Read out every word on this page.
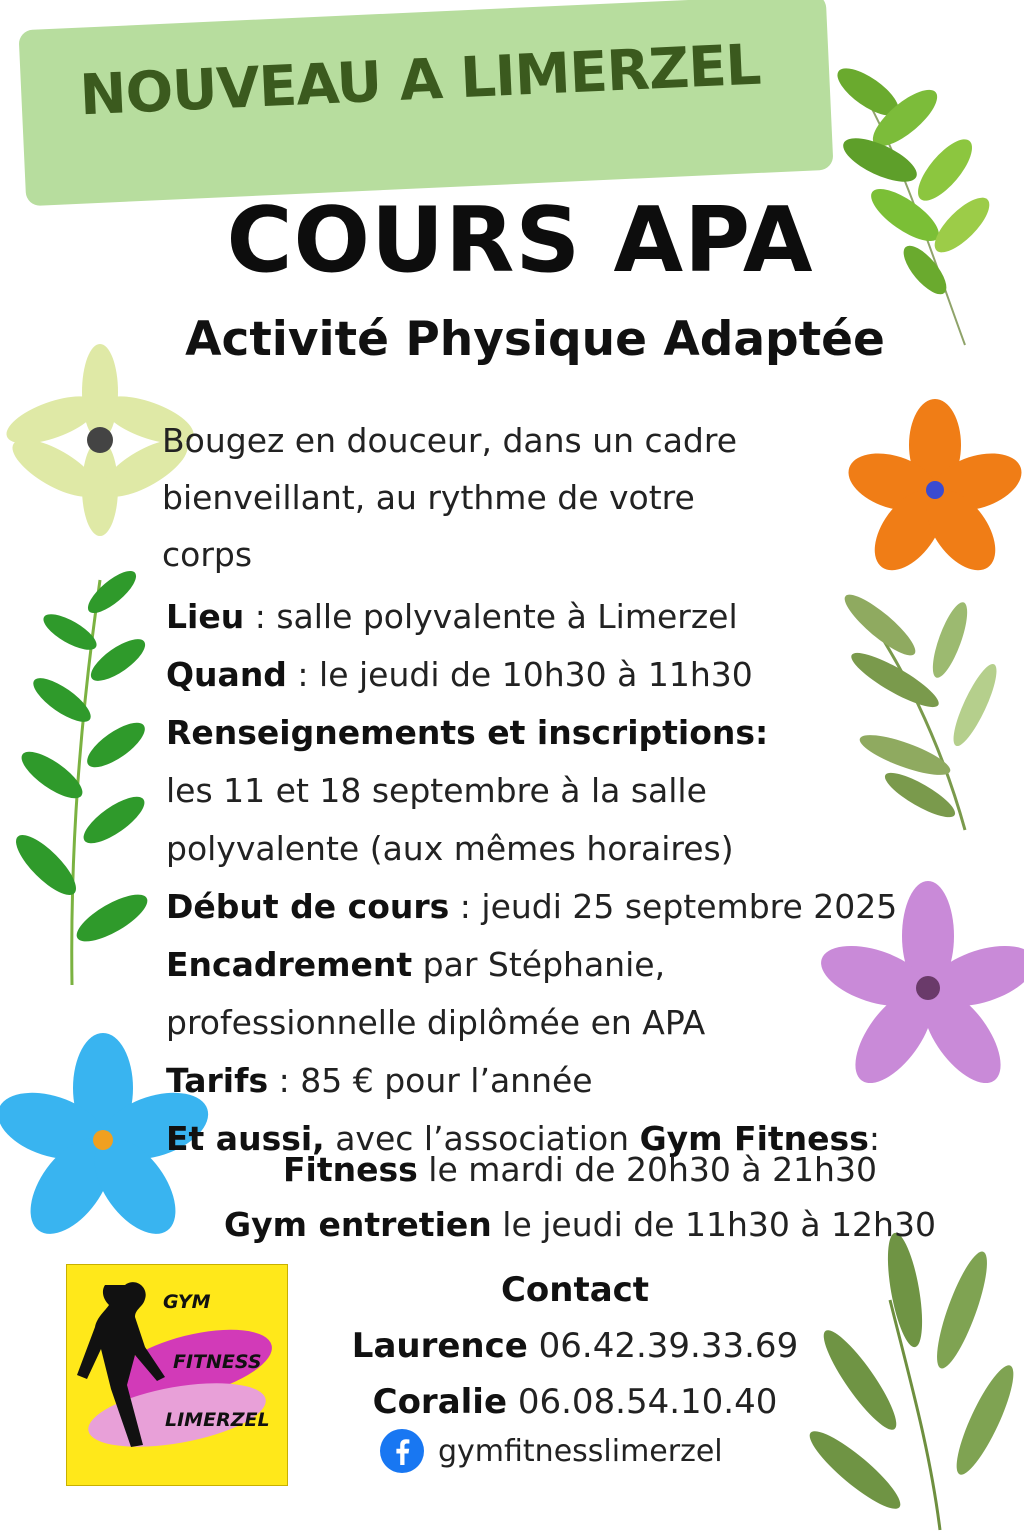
NOUVEAU A LIMERZEL
COURS APA
Activité Physique Adaptée
Bougez en douceur, dans un cadre
bienveillant, au rythme de votre
corps
Lieu : salle polyvalente à Limerzel
Quand : le jeudi de 10h30 à 11h30
Renseignements et inscriptions:
les 11 et 18 septembre à la salle
polyvalente (aux mêmes horaires)
Début de cours : jeudi 25 septembre 2025
Encadrement par Stéphanie,
professionnelle diplômée en APA
Tarifs : 85 € pour l’année
Et aussi, avec l’association Gym Fitness:
Fitness le mardi de 20h30 à 21h30
Gym entretien le jeudi de 11h30 à 12h30
GYM
FITNESS
LIMERZEL
Contact
Laurence 06.42.39.33.69
Coralie 06.08.54.10.40
gymfitnesslimerzel
